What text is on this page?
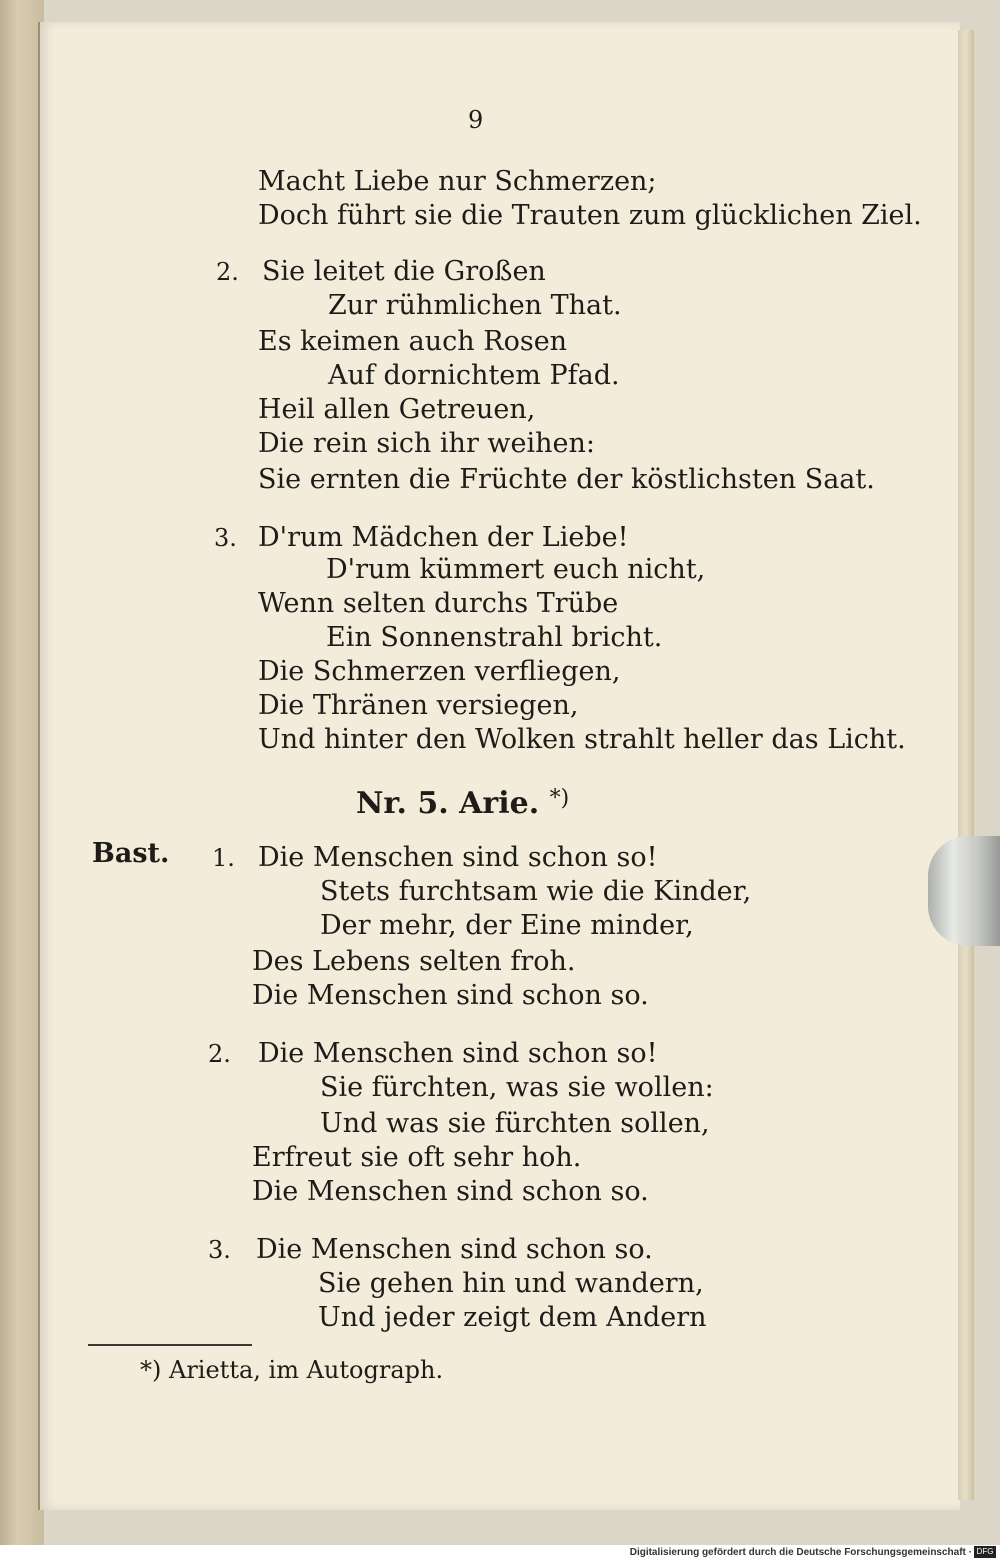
9
Macht Liebe nur Schmerzen;
Doch führt sie die Trauten zum glücklichen Ziel.
2. Sie leitet die Großen
Zur rühmlichen That.
Es keimen auch Rosen
Auf dornichtem Pfad.
Heil allen Getreuen,
Die rein sich ihr weihen:
Sie ernten die Früchte der köstlichsten Saat.
3. D'rum Mädchen der Liebe!
D'rum kümmert euch nicht,
Wenn selten durchs Trübe
Ein Sonnenstrahl bricht.
Die Schmerzen verfliegen,
Die Thränen versiegen,
Und hinter den Wolken strahlt heller das Licht.
Nr. 5. Arie. *)
Bast. 1. Die Menschen sind schon so!
Stets furchtsam wie die Kinder,
Der mehr, der Eine minder,
Des Lebens selten froh.
Die Menschen sind schon so.
2. Die Menschen sind schon so!
Sie fürchten, was sie wollen:
Und was sie fürchten sollen,
Erfreut sie oft sehr hoh.
Die Menschen sind schon so.
3. Die Menschen sind schon so.
Sie gehen hin und wandern,
Und jeder zeigt dem Andern
*) Arietta, im Autograph.
Digitalisierung gefördert durch die Deutsche Forschungsgemeinschaft · DFG
